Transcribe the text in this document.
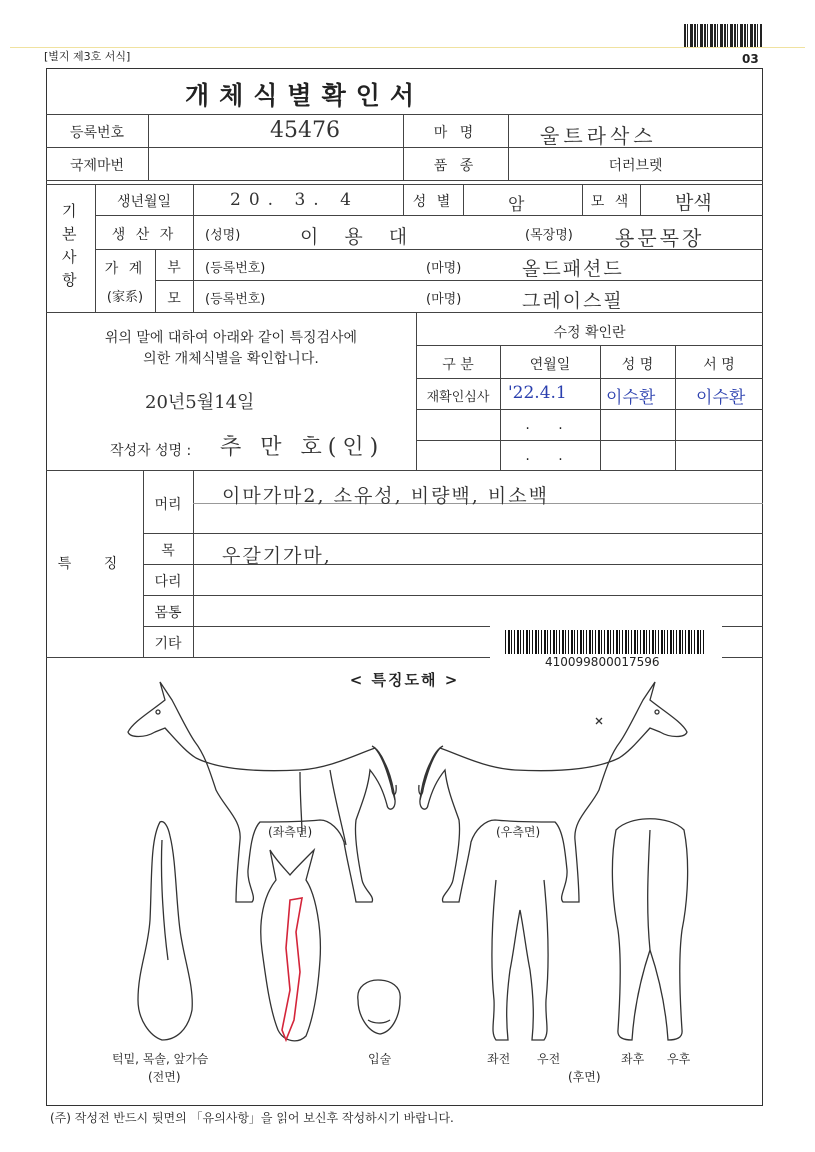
[별지 제3호 서식]	03
개체식별확인서
등록번호	45476	마 명	울트라삭스
국제마번	품 종	더러브렛
기본사항
생년월일	20. 3. 4	성 별	암	모 색	밤색
생 산 자	(성명)	이 용 대	(목장명) 용문목장
가 계
(家系)
부	(등록번호)	(마명)	올드패션드
모	(등록번호)	(마명)	그레이스필
위의 말에 대하여 아래와 같이 특징검사에
의한 개체식별을 확인합니다.
20년5월14일
작성자 성명 : 추 만 호(인)
수정 확인란
구 분	연월일	성 명	서 명
재확인심사	'22.4.1 이수환 이수환
. .
. .
특 징
머리	이마가마2, 소유성, 비량백, 비소백
목	우갈기가마,
다리
몸통
기타
410099800017596
< 특징도해 >
(좌측면)	(우측면)
턱밑, 목솔, 앞가슴
(전면)
입술	좌전 우전	좌후 우후
(후면)
(주) 작성전 반드시 뒷면의 「유의사항」을 읽어 보신후 작성하시기 바랍니다.
